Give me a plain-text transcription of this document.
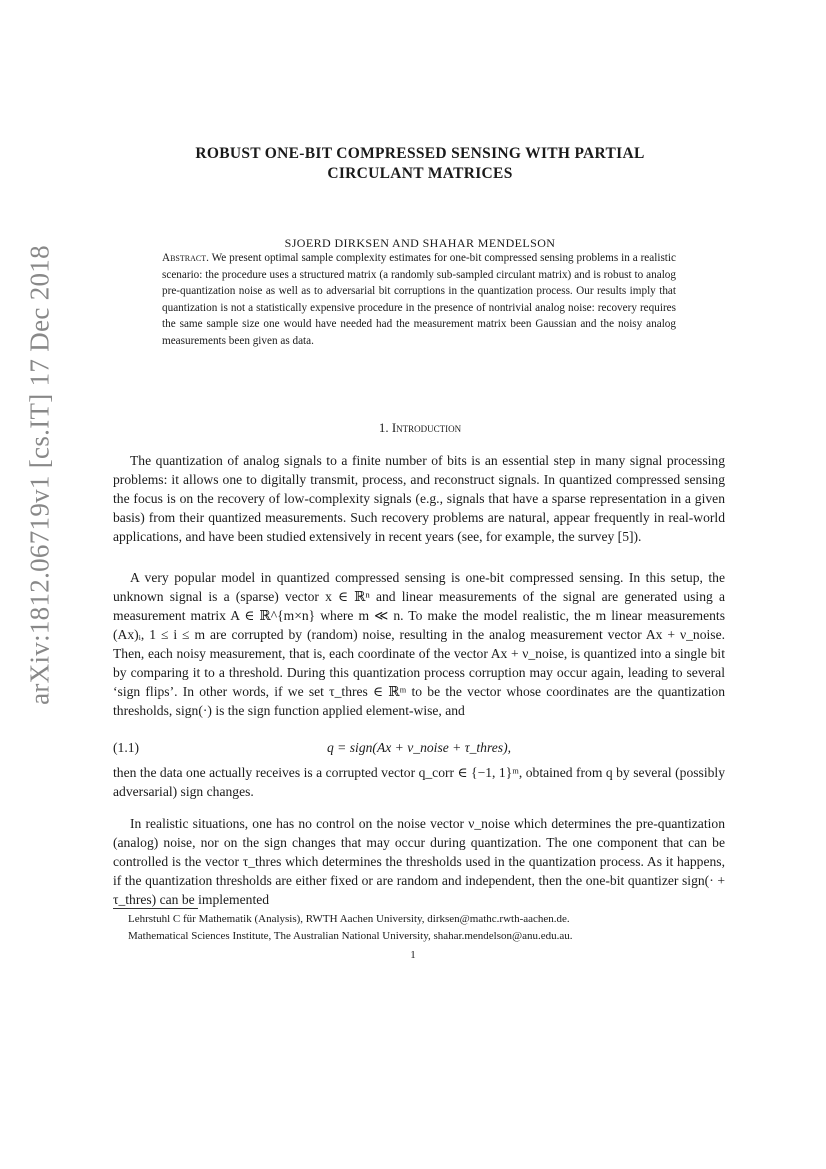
arXiv:1812.06719v1 [cs.IT] 17 Dec 2018
ROBUST ONE-BIT COMPRESSED SENSING WITH PARTIAL
CIRCULANT MATRICES
SJOERD DIRKSEN AND SHAHAR MENDELSON
Abstract. We present optimal sample complexity estimates for one-bit compressed sensing problems in a realistic scenario: the procedure uses a structured matrix (a randomly sub-sampled circulant matrix) and is robust to analog pre-quantization noise as well as to adversarial bit corruptions in the quantization process. Our results imply that quantization is not a statistically expensive procedure in the presence of nontrivial analog noise: recovery requires the same sample size one would have needed had the measurement matrix been Gaussian and the noisy analog measurements been given as data.
1. Introduction

The quantization of analog signals to a finite number of bits is an essential step in many signal processing problems: it allows one to digitally transmit, process, and reconstruct signals. In quantized compressed sensing the focus is on the recovery of low-complexity signals (e.g., signals that have a sparse representation in a given basis) from their quantized measurements. Such recovery problems are natural, appear frequently in real-world applications, and have been studied extensively in recent years (see, for example, the survey [5]).

A very popular model in quantized compressed sensing is one-bit compressed sensing. In this setup, the unknown signal is a (sparse) vector x ∈ ℝⁿ and linear measurements of the signal are generated using a measurement matrix A ∈ ℝ^{m×n} where m ≪ n. To make the model realistic, the m linear measurements (Ax)ᵢ, 1 ≤ i ≤ m are corrupted by (random) noise, resulting in the analog measurement vector Ax + ν_noise. Then, each noisy measurement, that is, each coordinate of the vector Ax + ν_noise, is quantized into a single bit by comparing it to a threshold. During this quantization process corruption may occur again, leading to several ‘sign flips’. In other words, if we set τ_thres ∈ ℝᵐ to be the vector whose coordinates are the quantization thresholds, sign(·) is the sign function applied element-wise, and

(1.1)	q = sign(Ax + ν_noise + τ_thres),

then the data one actually receives is a corrupted vector q_corr ∈ {−1, 1}ᵐ, obtained from q by several (possibly adversarial) sign changes.

In realistic situations, one has no control on the noise vector ν_noise which determines the pre-quantization (analog) noise, nor on the sign changes that may occur during quantization. The one component that can be controlled is the vector τ_thres which determines the thresholds used in the quantization process. As it happens, if the quantization thresholds are either fixed or are random and independent, then the one-bit quantizer sign(· + τ_thres) can be implemented

Lehrstuhl C für Mathematik (Analysis), RWTH Aachen University, dirksen@mathc.rwth-aachen.de.
Mathematical Sciences Institute, The Australian National University, shahar.mendelson@anu.edu.au.
1
